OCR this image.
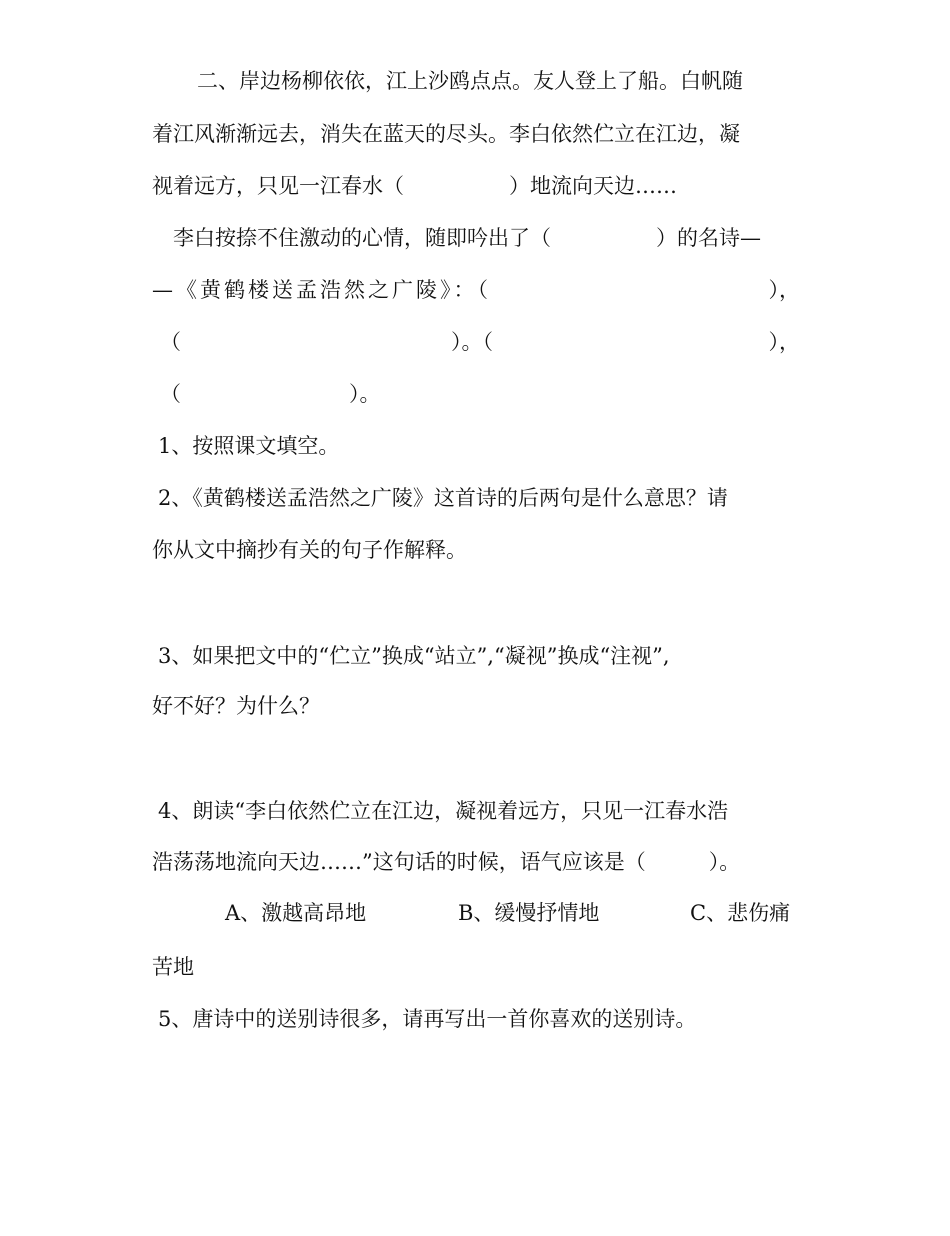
二、岸边杨柳依依，江上沙鸥点点。友人登上了船。白帆随
着江风渐渐远去，消失在蓝天的尽头。李白依然伫立在江边，凝
视着远方，只见一江春水（　　　　　）地流向天边……
李白按捺不住激动的心情，随即吟出了（　　　　　）的名诗—
—《黄鹤楼送孟浩然之广陵》：（	），
（	）。（	），
（　　　　　　　　）。
1、按照课文填空。
2、《黄鹤楼送孟浩然之广陵》这首诗的后两句是什么意思？请
你从文中摘抄有关的句子作解释。
3、如果把文中的“伫立”换成“站立”,“凝视”换成“注视”,
好不好？为什么？
4、朗读“李白依然伫立在江边，凝视着远方，只见一江春水浩
浩荡荡地流向天边……”这句话的时候，语气应该是（　　　）。
A、激越高昂地	B、缓慢抒情地	C、悲伤痛
苦地
5、唐诗中的送别诗很多，请再写出一首你喜欢的送别诗。
